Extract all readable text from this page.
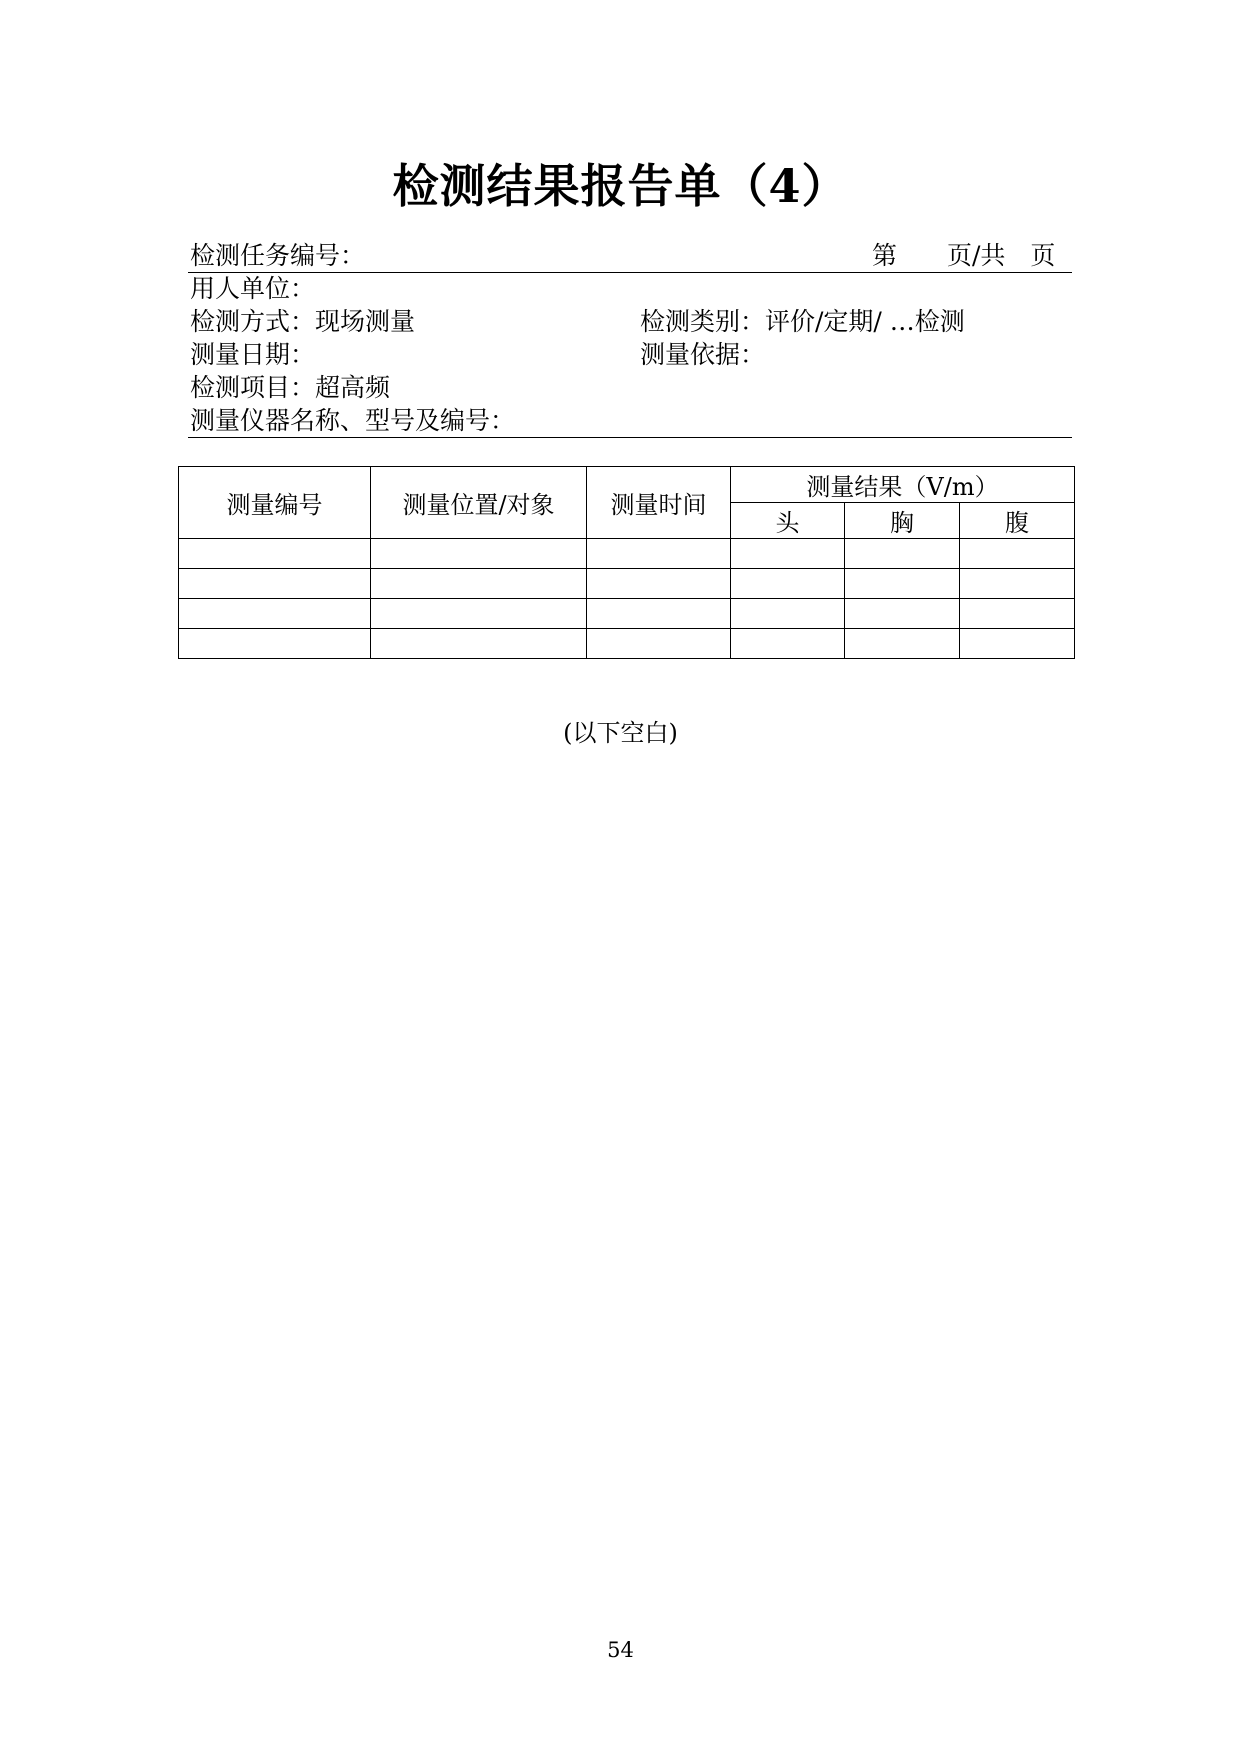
检测结果报告单（4）
检测任务编号：	第　　页/共　页
用人单位：
检测方式：现场测量	检测类别：评价/定期/ …检测
测量日期：	测量依据：
检测项目：超高频
测量仪器名称、型号及编号：
测量编号	测量位置/对象	测量时间	测量结果（V/m）		
			头	胸	腹

(以下空白)
54
